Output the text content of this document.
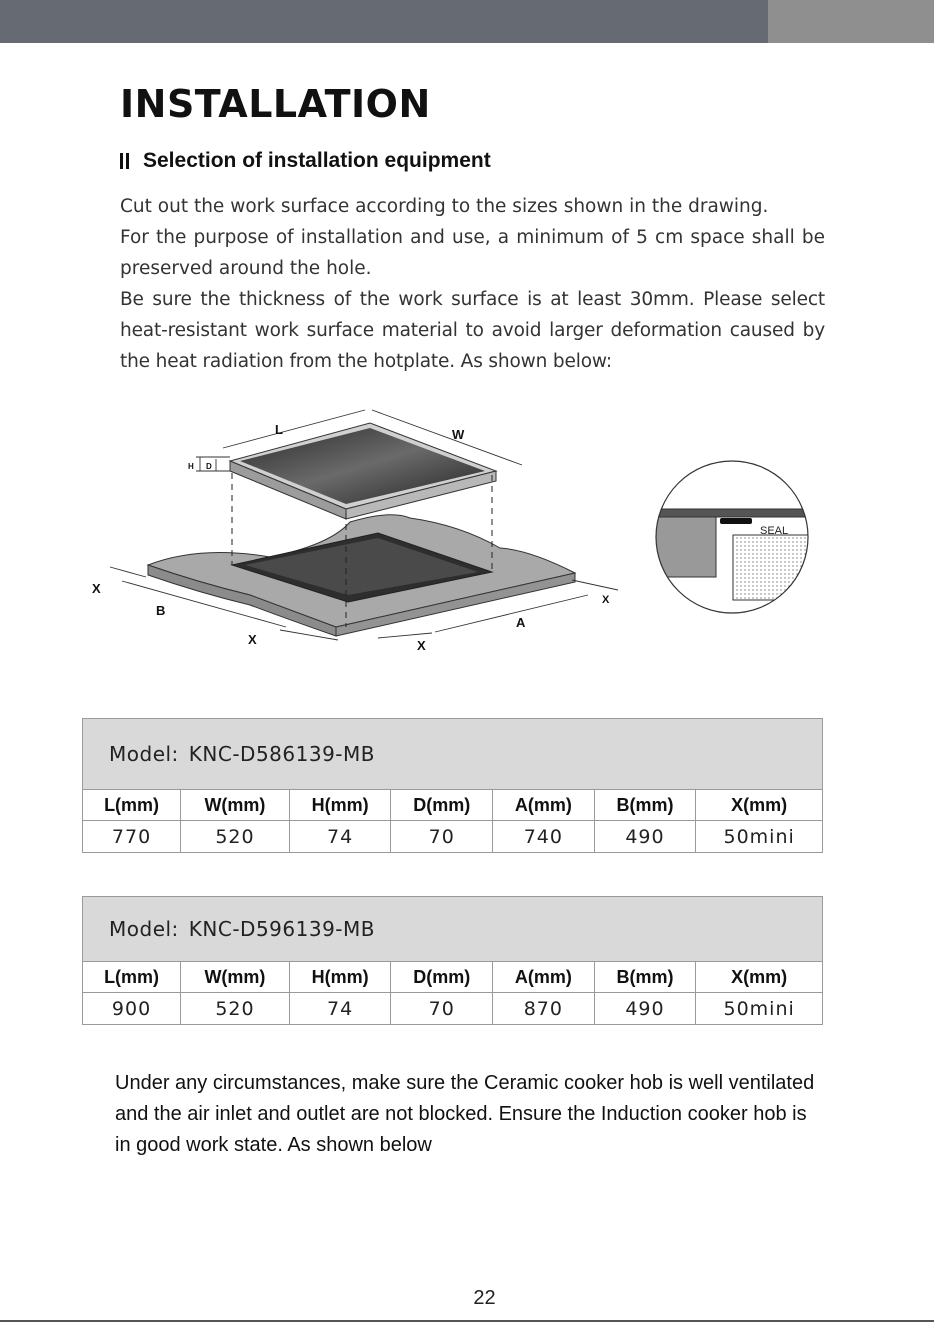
INSTALLATION
Selection of installation equipment

Cut out the work surface according to the sizes shown in the drawing.

For the purpose of installation and use, a minimum of 5 cm space shall be preserved around the hole.

Be sure the thickness of the work surface is at least 30mm. Please select heat-resistant work surface material to avoid larger deformation caused by the heat radiation from the hotplate. As shown below:

L	W
H D
X
B
X	X
A
X
SEAL
Model: KNC-D586139-MB						
L(mm)	W(mm)	H(mm)	D(mm)	A(mm)	B(mm)	X(mm)
770	520	74	70	740	490	50mini
Model: KNC-D596139-MB						
L(mm)	W(mm)	H(mm)	D(mm)	A(mm)	B(mm)	X(mm)
900	520	74	70	870	490	50mini

Under any circumstances, make sure the Ceramic cooker hob is well ventilated and the air inlet and outlet are not blocked. Ensure the Induction cooker hob is in good work state. As shown below

22
